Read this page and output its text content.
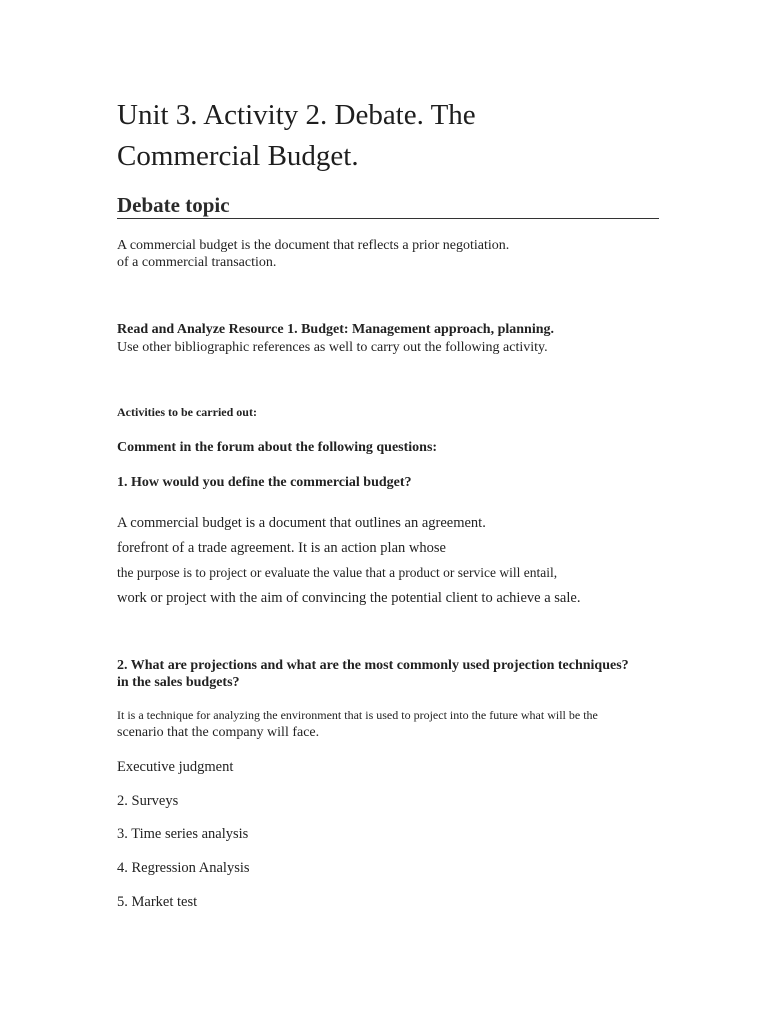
Unit 3. Activity 2. Debate. The
Commercial Budget.
Debate topic
A commercial budget is the document that reflects a prior negotiation.
of a commercial transaction.
Read and Analyze Resource 1. Budget: Management approach, planning.
Use other bibliographic references as well to carry out the following activity.
Activities to be carried out:
Comment in the forum about the following questions:
1. How would you define the commercial budget?
A commercial budget is a document that outlines an agreement.
forefront of a trade agreement. It is an action plan whose
the purpose is to project or evaluate the value that a product or service will entail,
work or project with the aim of convincing the potential client to achieve a sale.
2. What are projections and what are the most commonly used projection techniques?
in the sales budgets?
It is a technique for analyzing the environment that is used to project into the future what will be the
scenario that the company will face.
Executive judgment
2. Surveys
3. Time series analysis
4. Regression Analysis
5. Market test
